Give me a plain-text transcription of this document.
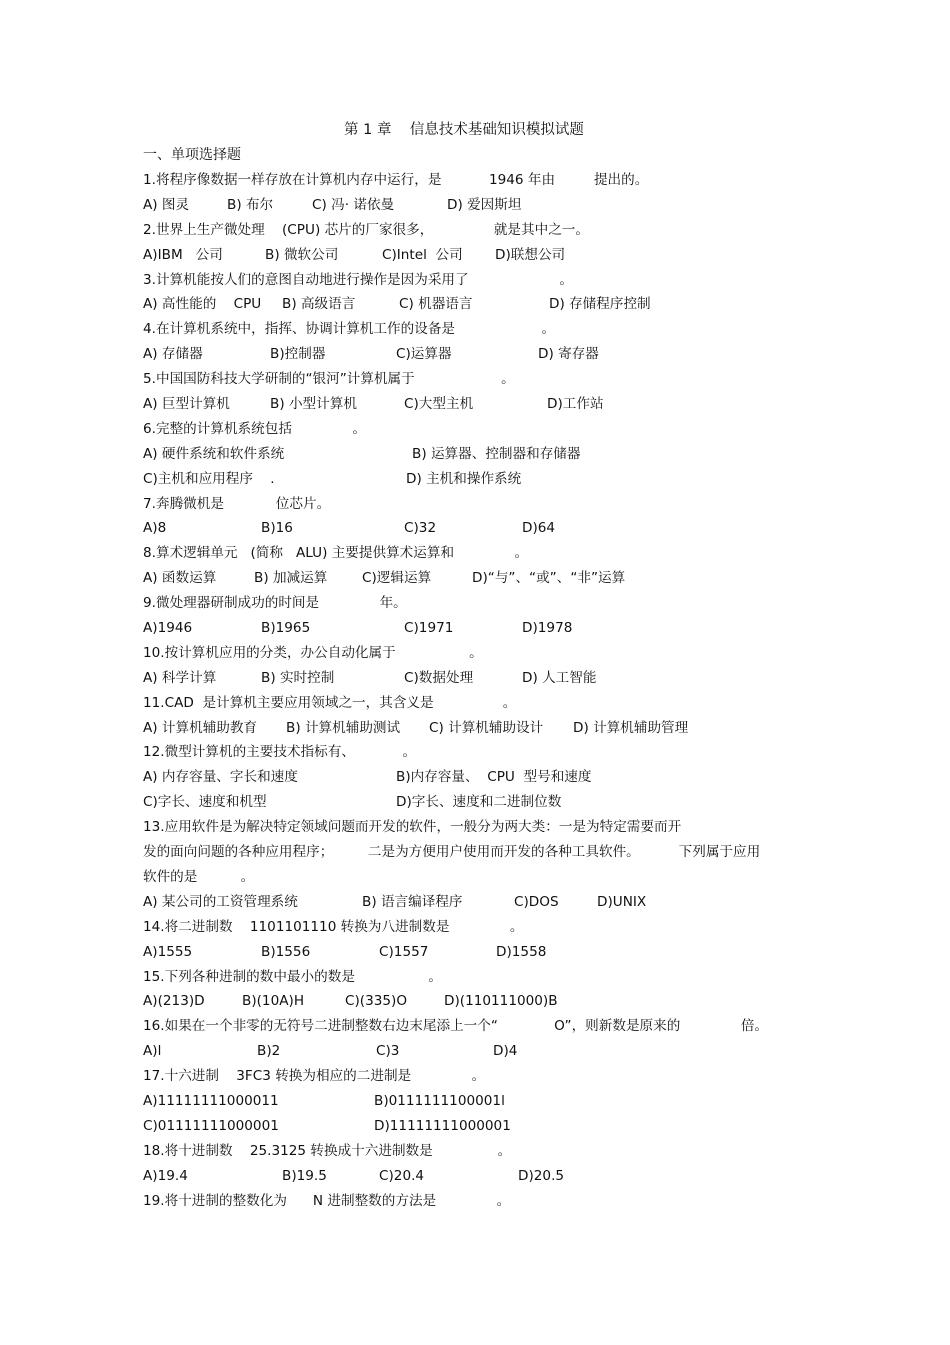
第 1 章    信息技术基础知识模拟试题
一、单项选择题
1.将程序像数据一样存放在计算机内存中运行，是           1946 年由         提出的。
A) 图灵	B) 布尔	C) 冯· 诺依曼	D) 爱因斯坦
2.世界上生产微处理    (CPU) 芯片的厂家很多，              就是其中之一。
A)IBM   公司	B) 微软公司	C)Intel  公司 D)联想公司
3.计算机能按人们的意图自动地进行操作是因为采用了                     。
A) 高性能的    CPU B) 高级语言	C) 机器语言	D) 存储程序控制
4.在计算机系统中，指挥、协调计算机工作的设备是                    。
A) 存储器	B)控制器	C)运算器	D) 寄存器
5.中国国防科技大学研制的“银河”计算机属于                    。
A) 巨型计算机	B) 小型计算机	C)大型主机	D)工作站
6.完整的计算机系统包括              。
A) 硬件系统和软件系统	B) 运算器、控制器和存储器
C)主机和应用程序    .	D) 主机和操作系统
7.奔腾微机是            位芯片。
A)8	B)16	C)32	D)64
8.算术逻辑单元   (简称   ALU) 主要提供算术运算和              。
A) 函数运算	B) 加减运算	C)逻辑运算	D)“与”、“或”、“非”运算
9.微处理器研制成功的时间是              年。
A)1946	B)1965	C)1971	D)1978
10.按计算机应用的分类，办公自动化属于                 。
A) 科学计算	B) 实时控制	C)数据处理	D) 人工智能
11.CAD  是计算机主要应用领域之一，其含义是                。
A) 计算机辅助教育 B) 计算机辅助测试 C) 计算机辅助设计 D) 计算机辅助管理
12.微型计算机的主要技术指标有、           。
A) 内存容量、字长和速度	B)内存容量、  CPU  型号和速度
C)字长、速度和机型	D)字长、速度和二进制位数
13.应用软件是为解决特定领域问题而开发的软件，一般分为两大类：一是为特定需要而开
发的面向问题的各种应用程序；        二是为方便用户使用而开发的各种工具软件。         下列属于应用
软件的是          。
A) 某公司的工资管理系统	B) 语言编译程序	C)DOS	D)UNIX
14.将二进制数    1101101110 转换为八进制数是              。
A)1555	B)1556	C)1557	D)1558
15.下列各种进制的数中最小的数是                 。
A)(213)D	B)(10A)H	C)(335)O	D)(110111000)B
16.如果在一个非零的无符号二进制整数右边末尾添上一个“             O”，则新数是原来的              倍。
A)l	B)2	C)3	D)4
17.十六进制    3FC3 转换为相应的二进制是              。
A)11111111000011	B)0111111100001l
C)01111111000001	D)11111111000001
18.将十进制数    25.3125 转换成十六进制数是               。
A)19.4	B)19.5	C)20.4	D)20.5
19.将十进制的整数化为      N 进制整数的方法是              。
